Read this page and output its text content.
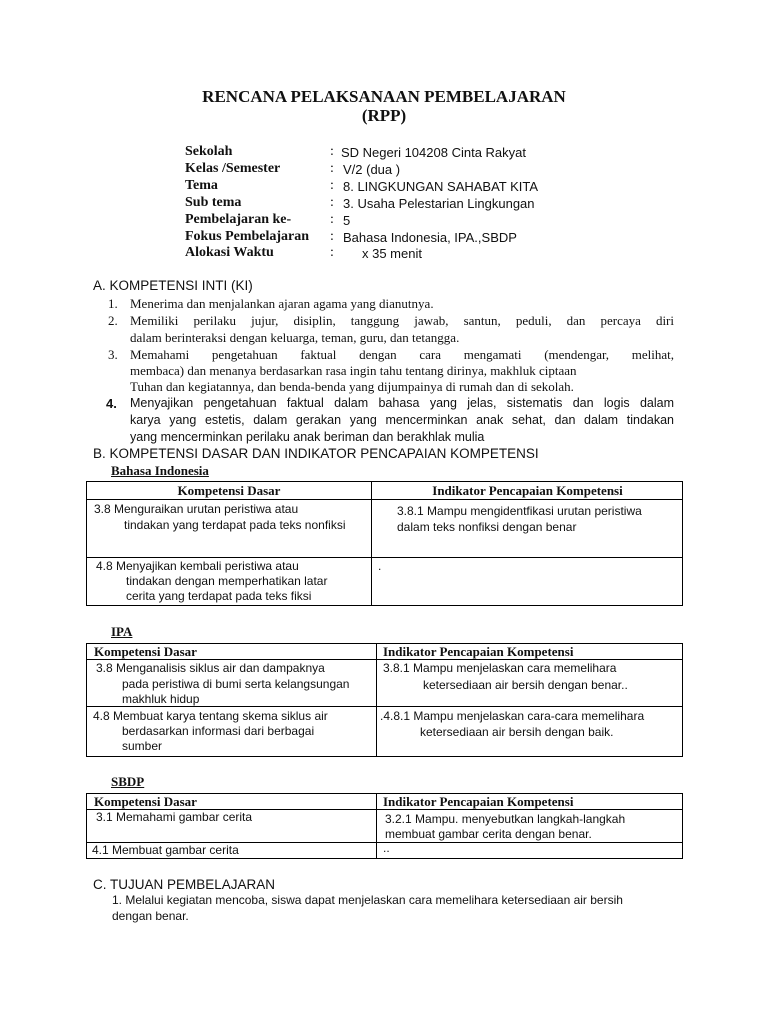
RENCANA PELAKSANAAN PEMBELAJARAN
(RPP)
Sekolah	: SD Negeri 104208 Cinta Rakyat
Kelas /Semester	: V/2 (dua )
Tema	: 8. LINGKUNGAN SAHABAT KITA
Sub tema	: 3. Usaha Pelestarian Lingkungan
Pembelajaran ke-	: 5
Fokus Pembelajaran : Bahasa Indonesia, IPA.,SBDP
Alokasi Waktu	: x 35 menit
A. KOMPETENSI INTI (KI)
1. Menerima dan menjalankan ajaran agama yang dianutnya.
2. Memiliki perilaku jujur, disiplin, tanggung jawab, santun, peduli, dan percaya diri
dalam berinteraksi dengan keluarga, teman, guru, dan tetangga.
3. Memahami pengetahuan faktual dengan cara mengamati (mendengar, melihat,
membaca) dan menanya berdasarkan rasa ingin tahu tentang dirinya, makhluk ciptaan
Tuhan dan kegiatannya, dan benda-benda yang dijumpainya di rumah dan di sekolah.
4. Menyajikan pengetahuan faktual dalam bahasa yang jelas, sistematis dan logis dalam
karya yang estetis, dalam gerakan yang mencerminkan anak sehat, dan dalam tindakan
yang mencerminkan perilaku anak beriman dan berakhlak mulia
B. KOMPETENSI DASAR DAN INDIKATOR PENCAPAIAN KOMPETENSI
Bahasa Indonesia
Kompetensi Dasar	Indikator Pencapaian Kompetensi

3.8 Menguraikan urutan peristiwa atau
tindakan yang terdapat pada teks nonfiksi	3.8.1 Mampu mengidentfikasi urutan peristiwa
dalam teks nonfiksi dengan benar

4.8 Menyajikan kembali peristiwa atau
tindakan dengan memperhatikan latar
cerita yang terdapat pada teks fiksi	.
IPA
Kompetensi Dasar	Indikator Pencapaian Kompetensi

3.8 Menganalisis siklus air dan dampaknya
pada peristiwa di bumi serta kelangsungan
makhluk hidup	3.8.1 Mampu menjelaskan cara memelihara
ketersediaan air bersih dengan benar..

4.8 Membuat karya tentang skema siklus air
berdasarkan informasi dari berbagai
sumber	.4.8.1 Mampu menjelaskan cara-cara memelihara
ketersediaan air bersih dengan baik.
SBDP
Kompetensi Dasar	Indikator Pencapaian Kompetensi

3.1 Memahami gambar cerita	3.2.1 Mampu. menyebutkan langkah-langkah
membuat gambar cerita dengan benar.

4.1 Membuat gambar cerita	..
C. TUJUAN PEMBELAJARAN
1. Melalui kegiatan mencoba, siswa dapat menjelaskan cara memelihara ketersediaan air bersih
dengan benar.
